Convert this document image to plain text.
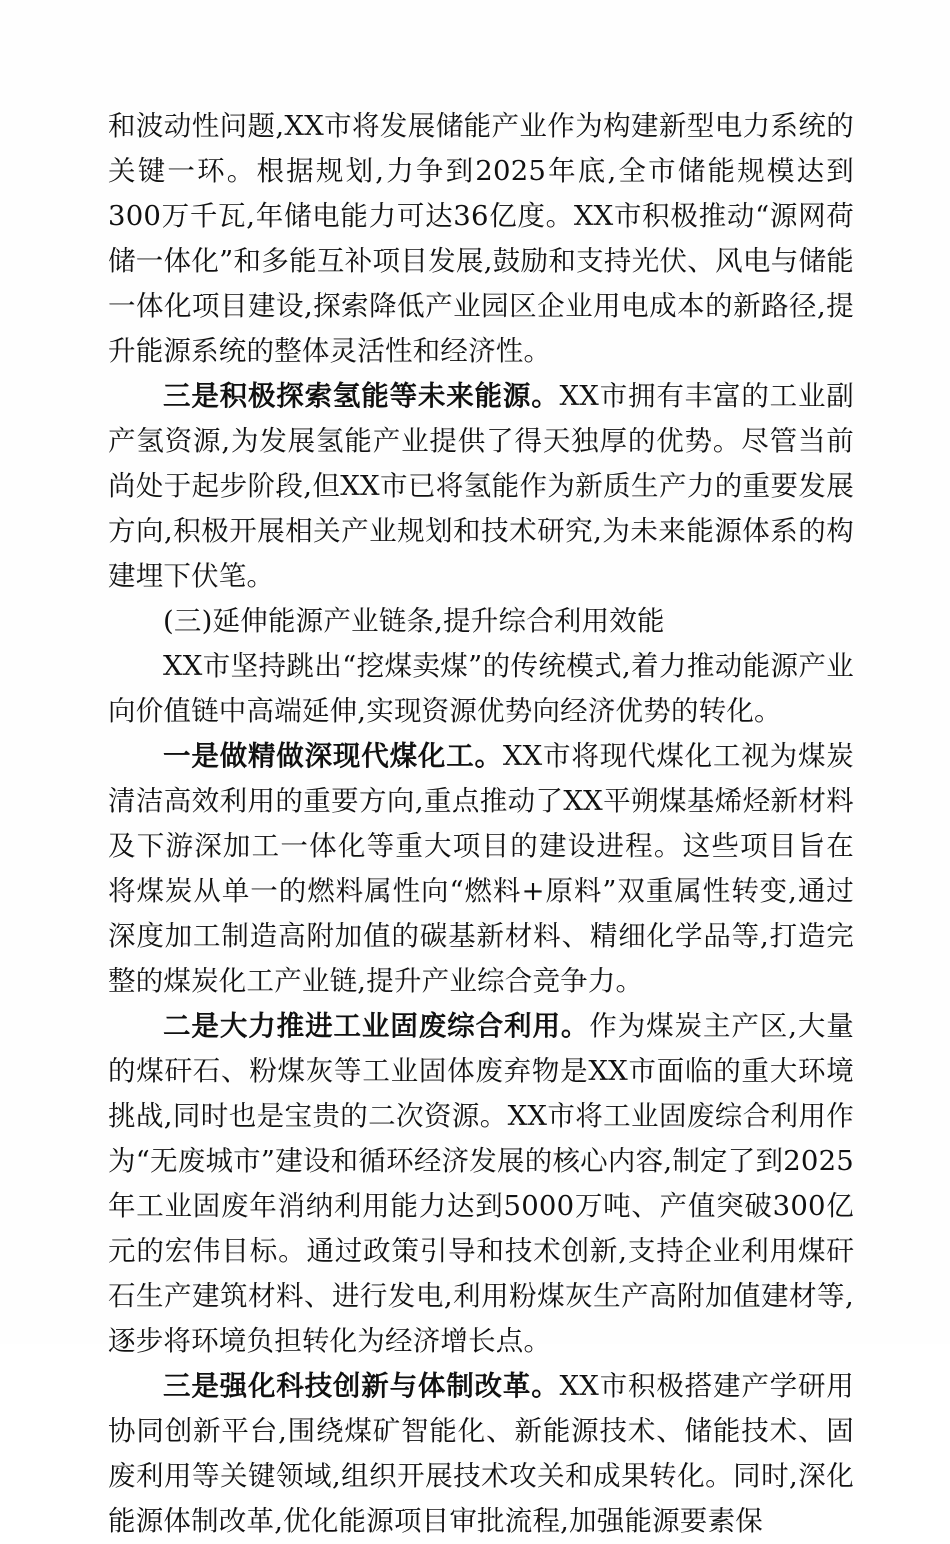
和波动性问题,XX市将发展储能产业作为构建新型电力系统的关键一环。根据规划,力争到2025年底,全市储能规模达到300万千瓦,年储电能力可达36亿度。XX市积极推动“源网荷储一体化”和多能互补项目发展,鼓励和支持光伏、风电与储能一体化项目建设,探索降低产业园区企业用电成本的新路径,提升能源系统的整体灵活性和经济性。

三是积极探索氢能等未来能源。XX市拥有丰富的工业副产氢资源,为发展氢能产业提供了得天独厚的优势。尽管当前尚处于起步阶段,但XX市已将氢能作为新质生产力的重要发展方向,积极开展相关产业规划和技术研究,为未来能源体系的构建埋下伏笔。

(三)延伸能源产业链条,提升综合利用效能

XX市坚持跳出“挖煤卖煤”的传统模式,着力推动能源产业向价值链中高端延伸,实现资源优势向经济优势的转化。

一是做精做深现代煤化工。XX市将现代煤化工视为煤炭清洁高效利用的重要方向,重点推动了XX平朔煤基烯烃新材料及下游深加工一体化等重大项目的建设进程。这些项目旨在将煤炭从单一的燃料属性向“燃料+原料”双重属性转变,通过深度加工制造高附加值的碳基新材料、精细化学品等,打造完整的煤炭化工产业链,提升产业综合竞争力。

二是大力推进工业固废综合利用。作为煤炭主产区,大量的煤矸石、粉煤灰等工业固体废弃物是XX市面临的重大环境挑战,同时也是宝贵的二次资源。XX市将工业固废综合利用作为“无废城市”建设和循环经济发展的核心内容,制定了到2025年工业固废年消纳利用能力达到5000万吨、产值突破300亿元的宏伟目标。通过政策引导和技术创新,支持企业利用煤矸石生产建筑材料、进行发电,利用粉煤灰生产高附加值建材等,逐步将环境负担转化为经济增长点。

三是强化科技创新与体制改革。XX市积极搭建产学研用协同创新平台,围绕煤矿智能化、新能源技术、储能技术、固废利用等关键领域,组织开展技术攻关和成果转化。同时,深化能源体制改革,优化能源项目审批流程,加强能源要素保
